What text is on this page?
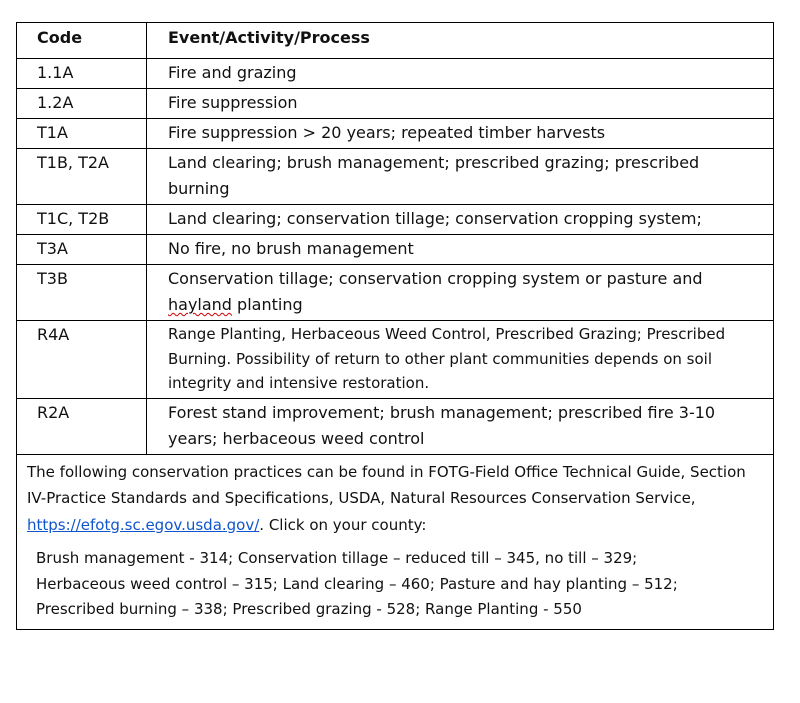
Code	Event/Activity/Process
1.1A	Fire and grazing
1.2A	Fire suppression
T1A	Fire suppression > 20 years; repeated timber harvests
T1B, T2A	Land clearing; brush management; prescribed grazing; prescribed burning
T1C, T2B	Land clearing; conservation tillage; conservation cropping system;
T3A	No fire, no brush management
T3B	Conservation tillage; conservation cropping system or pasture and hayland planting
R4A	Range Planting, Herbaceous Weed Control, Prescribed Grazing; Prescribed Burning. Possibility of return to other plant communities depends on soil integrity and intensive restoration.
R2A	Forest stand improvement; brush management; prescribed fire 3-10 years; herbaceous weed control

The following conservation practices can be found in FOTG-Field Office Technical Guide, Section IV-Practice Standards and Specifications, USDA, Natural Resources Conservation Service, https://efotg.sc.egov.usda.gov/. Click on your county:
Brush management - 314; Conservation tillage – reduced till – 345, no till – 329;
Herbaceous weed control – 315; Land clearing – 460; Pasture and hay planting – 512;
Prescribed burning – 338; Prescribed grazing - 528; Range Planting - 550	
